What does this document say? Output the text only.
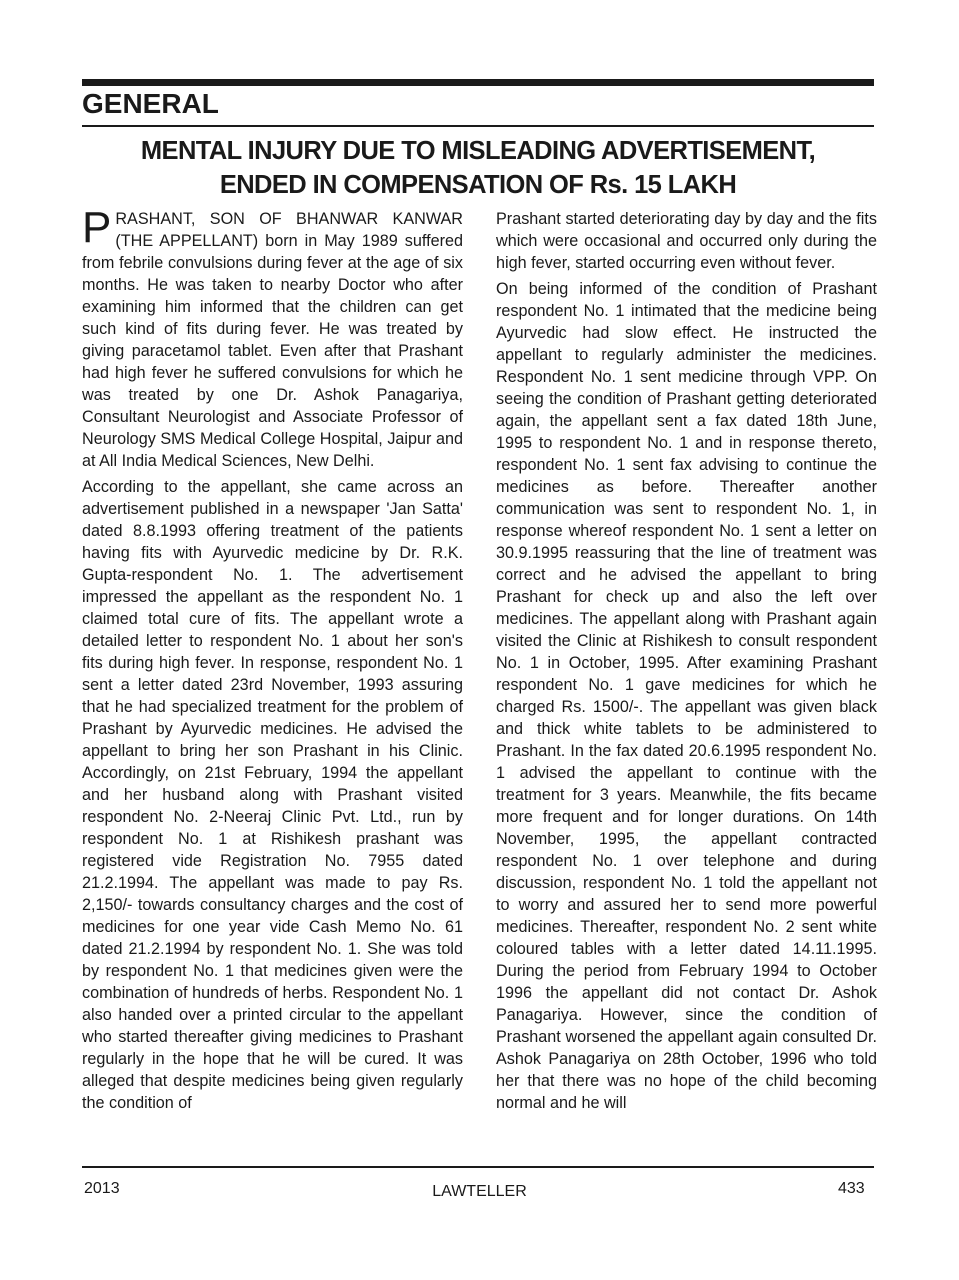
GENERAL
MENTAL INJURY DUE TO MISLEADING ADVERTISEMENT,
ENDED IN COMPENSATION OF Rs. 15 LAKH

PRASHANT, SON OF BHANWAR KANWAR (THE APPELLANT) born in May 1989 suffered from febrile convulsions during fever at the age of six months. He was taken to nearby Doctor who after examining him informed that the children can get such kind of fits during fever. He was treated by giving paracetamol tablet. Even after that Prashant had high fever he suffered convulsions for which he was treated by one Dr. Ashok Panagariya, Consultant Neurologist and Associate Professor of Neurology SMS Medical College Hospital, Jaipur and at All India Medical Sciences, New Delhi.

According to the appellant, she came across an advertisement published in a newspaper 'Jan Satta' dated 8.8.1993 offering treatment of the patients having fits with Ayurvedic medicine by Dr. R.K. Gupta-respondent No. 1. The advertisement impressed the appellant as the respondent No. 1 claimed total cure of fits. The appellant wrote a detailed letter to respondent No. 1 about her son's fits during high fever. In response, respondent No. 1 sent a letter dated 23rd November, 1993 assuring that he had specialized treatment for the problem of Prashant by Ayurvedic medicines. He advised the appellant to bring her son Prashant in his Clinic. Accordingly, on 21st February, 1994 the appellant and her husband along with Prashant visited respondent No. 2-Neeraj Clinic Pvt. Ltd., run by respondent No. 1 at Rishikesh prashant was registered vide Registration No. 7955 dated 21.2.1994. The appellant was made to pay Rs. 2,150/- towards consultancy charges and the cost of medicines for one year vide Cash Memo No. 61 dated 21.2.1994 by respondent No. 1. She was told by respondent No. 1 that medicines given were the combination of hundreds of herbs. Respondent No. 1 also handed over a printed circular to the appellant who started thereafter giving medicines to Prashant regularly in the hope that he will be cured. It was alleged that despite medicines being given regularly the condition of

Prashant started deteriorating day by day and the fits which were occasional and occurred only during the high fever, started occurring even without fever.

On being informed of the condition of Prashant respondent No. 1 intimated that the medicine being Ayurvedic had slow effect. He instructed the appellant to regularly administer the medicines. Respondent No. 1 sent medicine through VPP. On seeing the condition of Prashant getting deteriorated again, the appellant sent a fax dated 18th June, 1995 to respondent No. 1 and in response thereto, respondent No. 1 sent fax advising to continue the medicines as before. Thereafter another communication was sent to respondent No. 1, in response whereof respondent No. 1 sent a letter on 30.9.1995 reassuring that the line of treatment was correct and he advised the appellant to bring Prashant for check up and also the left over medicines. The appellant along with Prashant again visited the Clinic at Rishikesh to consult respondent No. 1 in October, 1995. After examining Prashant respondent No. 1 gave medicines for which he charged Rs. 1500/-. The appellant was given black and thick white tablets to be administered to Prashant. In the fax dated 20.6.1995 respondent No. 1 advised the appellant to continue with the treatment for 3 years. Meanwhile, the fits became more frequent and for longer durations. On 14th November, 1995, the appellant contracted respondent No. 1 over telephone and during discussion, respondent No. 1 told the appellant not to worry and assured her to send more powerful medicines. Thereafter, respondent No. 2 sent white coloured tables with a letter dated 14.11.1995. During the period from February 1994 to October 1996 the appellant did not contact Dr. Ashok Panagariya. However, since the condition of Prashant worsened the appellant again consulted Dr. Ashok Panagariya on 28th October, 1996 who told her that there was no hope of the child becoming normal and he will

2013	LAWTELLER	433
